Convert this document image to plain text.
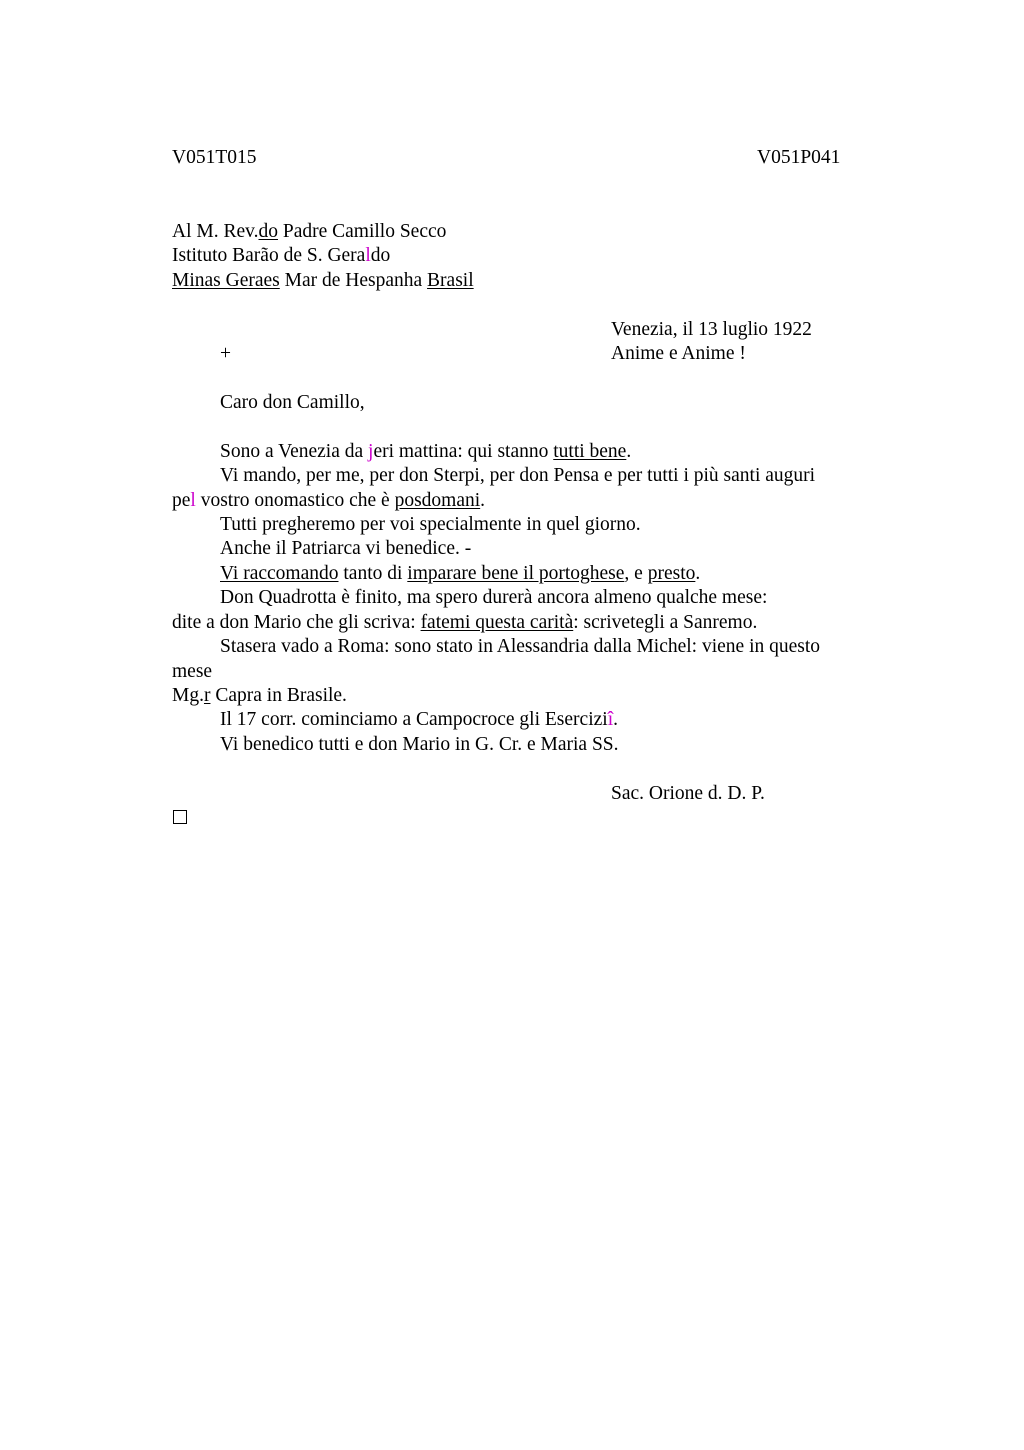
V051T015	V051P041
Al M. Rev.do Padre Camillo Secco
Istituto Barão de S. Geraldo
Minas Geraes Mar de Hespanha Brasil
Venezia, il 13 luglio 1922
+	Anime e Anime !
Caro don Camillo,
Sono a Venezia da jeri mattina: qui stanno tutti bene.
Vi mando, per me, per don Sterpi, per don Pensa e per tutti i più santi auguri
pel vostro onomastico che è posdomani.
Tutti pregheremo per voi specialmente in quel giorno.
Anche il Patriarca vi benedice. -
Vi raccomando tanto di imparare bene il portoghese, e presto.
Don Quadrotta è finito, ma spero durerà ancora almeno qualche mese:
dite a don Mario che gli scriva: fatemi questa carità: scrivetegli a Sanremo.
Stasera vado a Roma: sono stato in Alessandria dalla Michel: viene in questo
mese
Mg.r Capra in Brasile.
Il 17 corr. cominciamo a Campocroce gli Eserciziî.
Vi benedico tutti e don Mario in G. Cr. e Maria SS.
Sac. Orione d. D. P.
